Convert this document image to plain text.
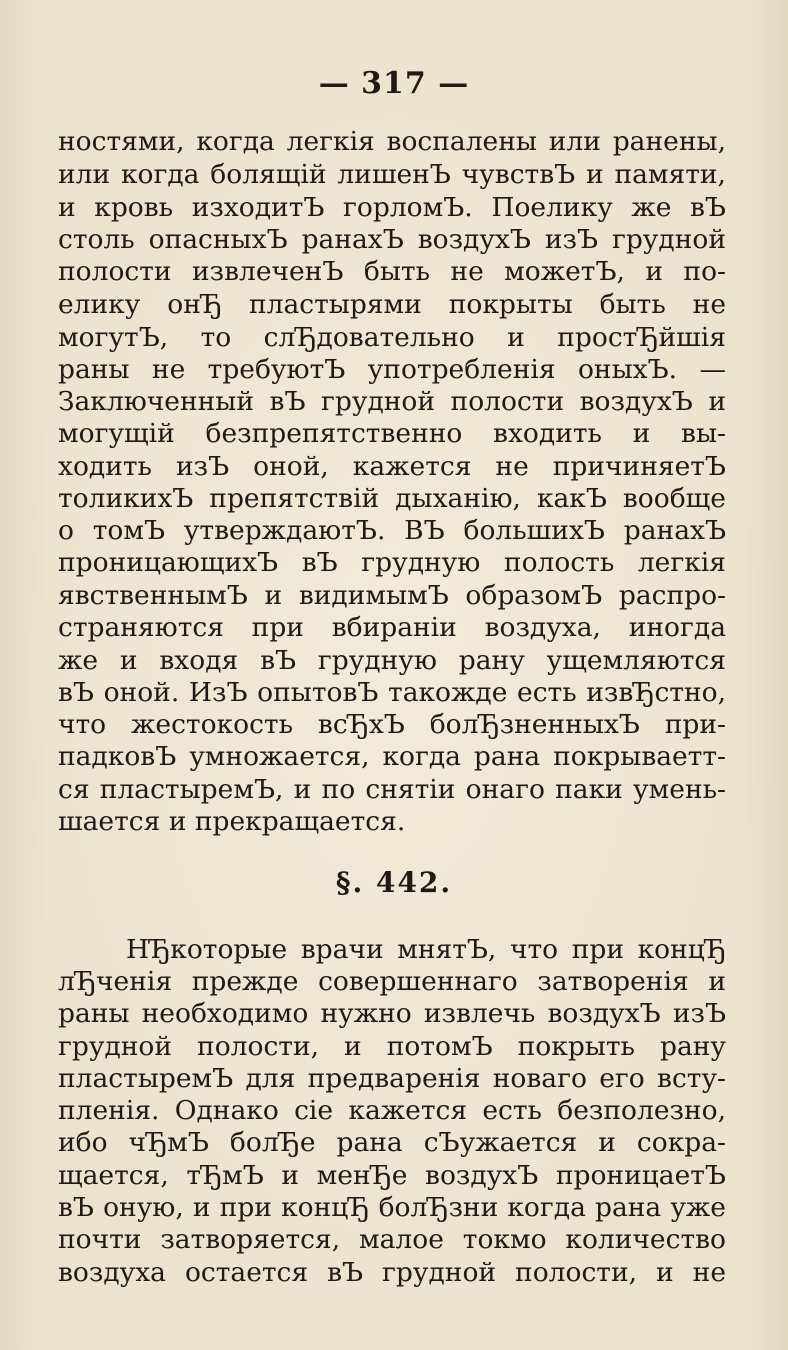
— 317 —
ностями, когда легкія воспалены или ранены,
или когда болящій лишенЪ чувствЪ и памяти,
и кровь изходитЪ горломЪ. Поелику же вЪ
столь опасныхЪ ранахЪ воздухЪ изЪ грудной
полости извлеченЪ быть не можетЪ, и по-
елику онЂ пластырями покрыты быть не
могутЪ, то слЂдовательно и простЂйшія
раны не требуютЪ употребленія оныхЪ. —
Заключенный вЪ грудной полости воздухЪ и
могущій безпрепятственно входить и вы-
ходить изЪ оной, кажется не причиняетЪ
толикихЪ препятствій дыханію, какЪ вообще
о томЪ утверждаютЪ. ВЪ большихЪ ранахЪ
проницающихЪ вЪ грудную полость легкія
явственнымЪ и видимымЪ образомЪ распро-
страняются при вбираніи воздуха, иногда
же и входя вЪ грудную рану ущемляются
вЪ оной. ИзЪ опытовЪ такожде есть извЂстно,
что жестокость всЂхЪ болЂзненныхЪ при-
падковЪ умножается, когда рана покрываетт-
ся пластыремЪ, и по снятіи онаго паки умень-
шается и прекращается.
§. 442.
НЂкоторые врачи мнятЪ, что при концЂ
лЂченія прежде совершеннаго затворенія и
раны необходимо нужно извлечь воздухЪ изЪ
грудной полости, и потомЪ покрыть рану
пластыремЪ для предваренія новаго его всту-
пленія. Однако сіе кажется есть безполезно,
ибо чЂмЪ болЂе рана сЪужается и сокра-
щается, тЂмЪ и менЂе воздухЪ проницаетЪ
вЪ оную, и при концЂ болЂзни когда рана уже
почти затворяется, малое токмо количество
воздуха остается вЪ грудной полости, и не
